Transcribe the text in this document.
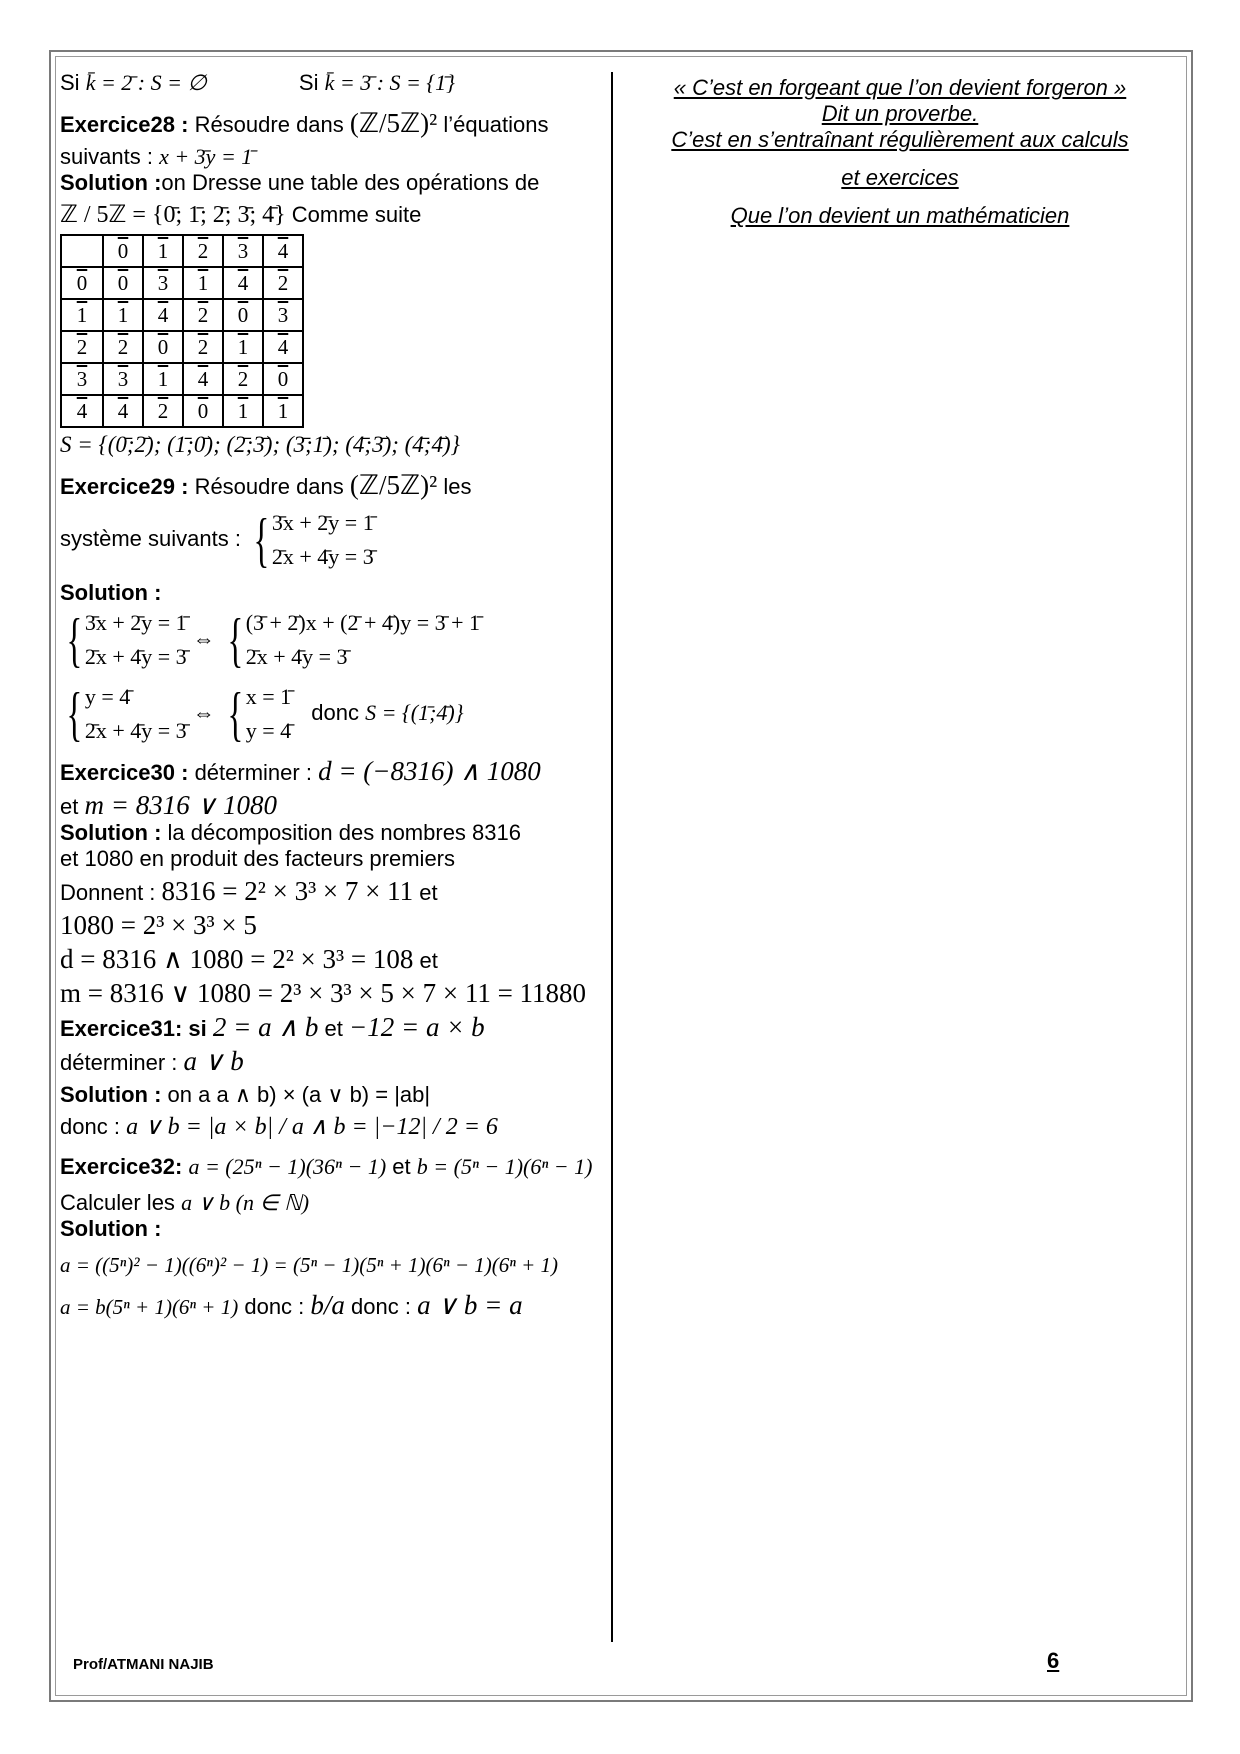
Si k̄ = 2̄ : S = ∅	Si k̄ = 3̄ : S = {1̄}
Exercice28 : Résoudre dans (ℤ/5ℤ)² l’équations
suivants : x + 3̄y = 1̄
Solution :on Dresse une table des opérations de
ℤ / 5ℤ = {0̄; 1̄; 2̄; 3̄; 4̄} Comme suite
	0	1	2	3	4
0	0	3	1	4	2
1	1	4	2	0	3
2	2	0	2	1	4
3	3	1	4	2	0
4	4	2	0	1	1
S = {(0̄;2̄); (1̄;0̄); (2̄;3̄); (3̄;1̄); (4̄;3̄); (4̄;4̄)}
Exercice29 : Résoudre dans (ℤ/5ℤ)² les
système suivants : { 3̄x + 2̄y = 1̄
2̄x + 4̄y = 3̄
Solution :
{ 3̄x + 2̄y = 1̄
2̄x + 4̄y = 3̄
⇔ { (3̄ + 2̄)x + (2̄ + 4̄)y = 3̄ + 1̄
2̄x + 4̄y = 3̄
{ y = 4̄
2̄x + 4̄y = 3̄
⇔ { x = 1̄
y = 4̄
donc S = {(1̄;4̄)}
Exercice30 : déterminer : d = (−8316) ∧ 1080
et m = 8316 ∨ 1080
Solution : la décomposition des nombres 8316
et 1080 en produit des facteurs premiers
Donnent : 8316 = 2² × 3³ × 7 × 11 et
1080 = 2³ × 3³ × 5
d = 8316 ∧ 1080 = 2² × 3³ = 108 et
m = 8316 ∨ 1080 = 2³ × 3³ × 5 × 7 × 11 = 11880
Exercice31: si 2 = a ∧ b et −12 = a × b
déterminer : a ∨ b
Solution : on a a ∧ b) × (a ∨ b) = |ab|
donc : a ∨ b = |a × b| / a ∧ b = |−12| / 2 = 6
Exercice32: a = (25ⁿ − 1)(36ⁿ − 1) et b = (5ⁿ − 1)(6ⁿ − 1)
Calculer les a ∨ b (n ∈ ℕ)
Solution :
a = ((5ⁿ)² − 1)((6ⁿ)² − 1) = (5ⁿ − 1)(5ⁿ + 1)(6ⁿ − 1)(6ⁿ + 1)
a = b(5ⁿ + 1)(6ⁿ + 1) donc : b/a donc : a ∨ b = a
« C’est en forgeant que l’on devient forgeron »
Dit un proverbe.
C’est en s’entraînant régulièrement aux calculs
et exercices
Que l’on devient un mathématicien
Prof/ATMANI NAJIB	6
